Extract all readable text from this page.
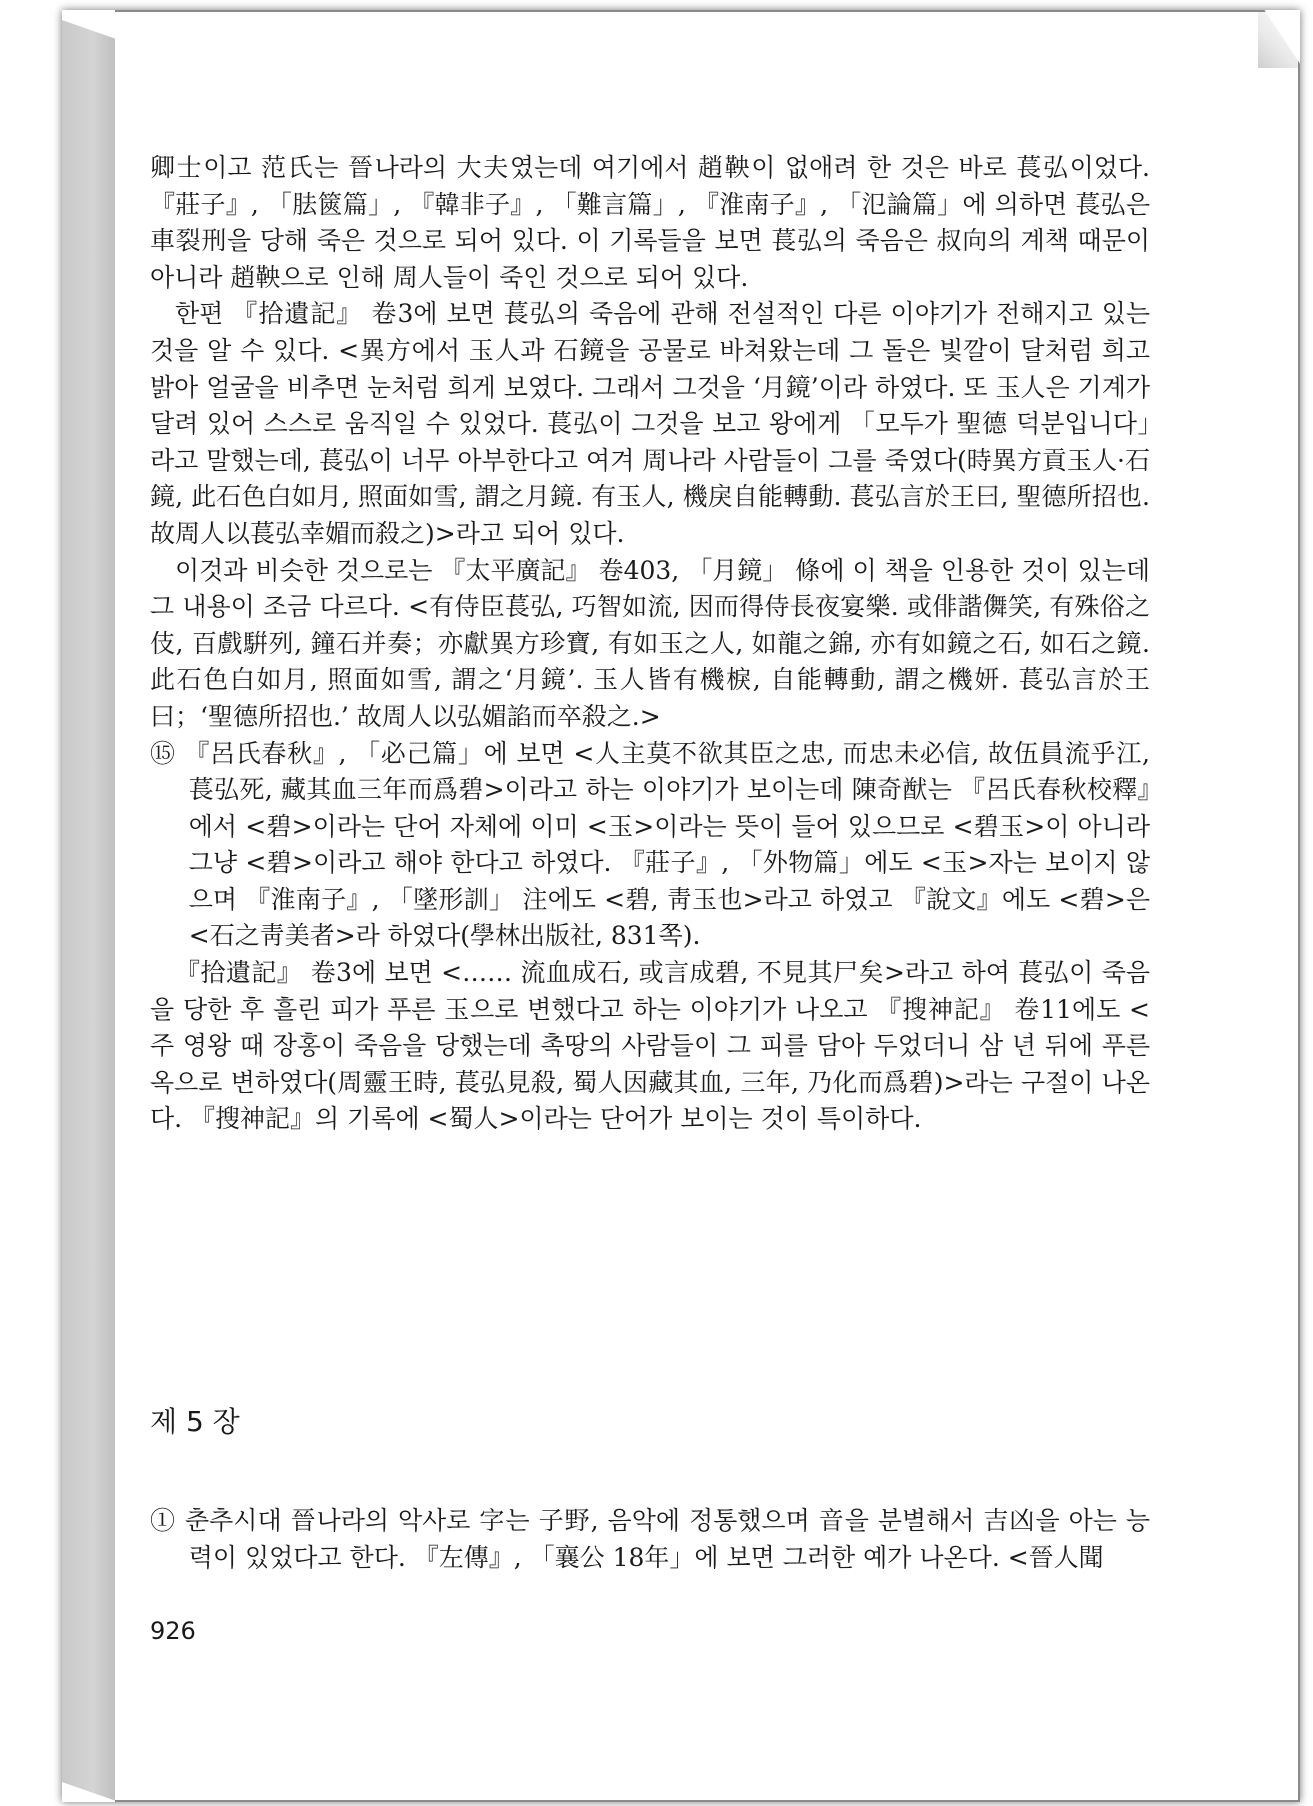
卿士이고 范氏는 晉나라의 大夫였는데 여기에서 趙鞅이 없애려 한 것은 바로 萇弘이었다. 『莊子』, 「胠篋篇」, 『韓非子』, 「難言篇」, 『淮南子』, 「氾論篇」에 의하면 萇弘은 車裂刑을 당해 죽은 것으로 되어 있다. 이 기록들을 보면 萇弘의 죽음은 叔向의 계책 때문이 아니라 趙鞅으로 인해 周人들이 죽인 것으로 되어 있다.

한편 『拾遺記』 卷3에 보면 萇弘의 죽음에 관해 전설적인 다른 이야기가 전해지고 있는 것을 알 수 있다. <異方에서 玉人과 石鏡을 공물로 바쳐왔는데 그 돌은 빛깔이 달처럼 희고 밝아 얼굴을 비추면 눈처럼 희게 보였다. 그래서 그것을 ‘月鏡’이라 하였다. 또 玉人은 기계가 달려 있어 스스로 움직일 수 있었다. 萇弘이 그것을 보고 왕에게 「모두가 聖德 덕분입니다」라고 말했는데, 萇弘이 너무 아부한다고 여겨 周나라 사람들이 그를 죽였다(時異方貢玉人·石鏡, 此石色白如月, 照面如雪, 謂之月鏡. 有玉人, 機戾自能轉動. 萇弘言於王曰, 聖德所招也. 故周人以萇弘幸媚而殺之)>라고 되어 있다.

이것과 비슷한 것으로는 『太平廣記』 卷403, 「月鏡」 條에 이 책을 인용한 것이 있는데 그 내용이 조금 다르다. <有侍臣萇弘, 巧智如流, 因而得侍長夜宴樂. 或俳諧儛笑, 有殊俗之伎, 百戲騈列, 鐘石并奏；亦獻異方珍寶, 有如玉之人, 如龍之錦, 亦有如鏡之石, 如石之鏡. 此石色白如月, 照面如雪, 謂之‘月鏡’. 玉人皆有機棙, 自能轉動, 謂之機妍. 萇弘言於王曰；‘聖德所招也.’ 故周人以弘媚諂而卒殺之.>

⑮ 『呂氏春秋』, 「必己篇」에 보면 <人主莫不欲其臣之忠, 而忠未必信, 故伍員流乎江, 萇弘死, 藏其血三年而爲碧>이라고 하는 이야기가 보이는데 陳奇猷는 『呂氏春秋校釋』에서 <碧>이라는 단어 자체에 이미 <玉>이라는 뜻이 들어 있으므로 <碧玉>이 아니라 그냥 <碧>이라고 해야 한다고 하였다. 『莊子』, 「外物篇」에도 <玉>자는 보이지 않으며 『淮南子』, 「墜形訓」 注에도 <碧, 靑玉也>라고 하였고 『說文』에도 <碧>은 <石之靑美者>라 하였다(學林出版社, 831쪽).

『拾遺記』 卷3에 보면 <…… 流血成石, 或言成碧, 不見其尸矣>라고 하여 萇弘이 죽음을 당한 후 흘린 피가 푸른 玉으로 변했다고 하는 이야기가 나오고 『搜神記』 卷11에도 <주 영왕 때 장홍이 죽음을 당했는데 촉땅의 사람들이 그 피를 담아 두었더니 삼 년 뒤에 푸른 옥으로 변하였다(周靈王時, 萇弘見殺, 蜀人因藏其血, 三年, 乃化而爲碧)>라는 구절이 나온다. 『搜神記』의 기록에 <蜀人>이라는 단어가 보이는 것이 특이하다.

제 5 장

① 춘추시대 晉나라의 악사로 字는 子野, 음악에 정통했으며 音을 분별해서 吉凶을 아는 능력이 있었다고 한다. 『左傳』, 「襄公 18年」에 보면 그러한 예가 나온다. <晉人聞

926
